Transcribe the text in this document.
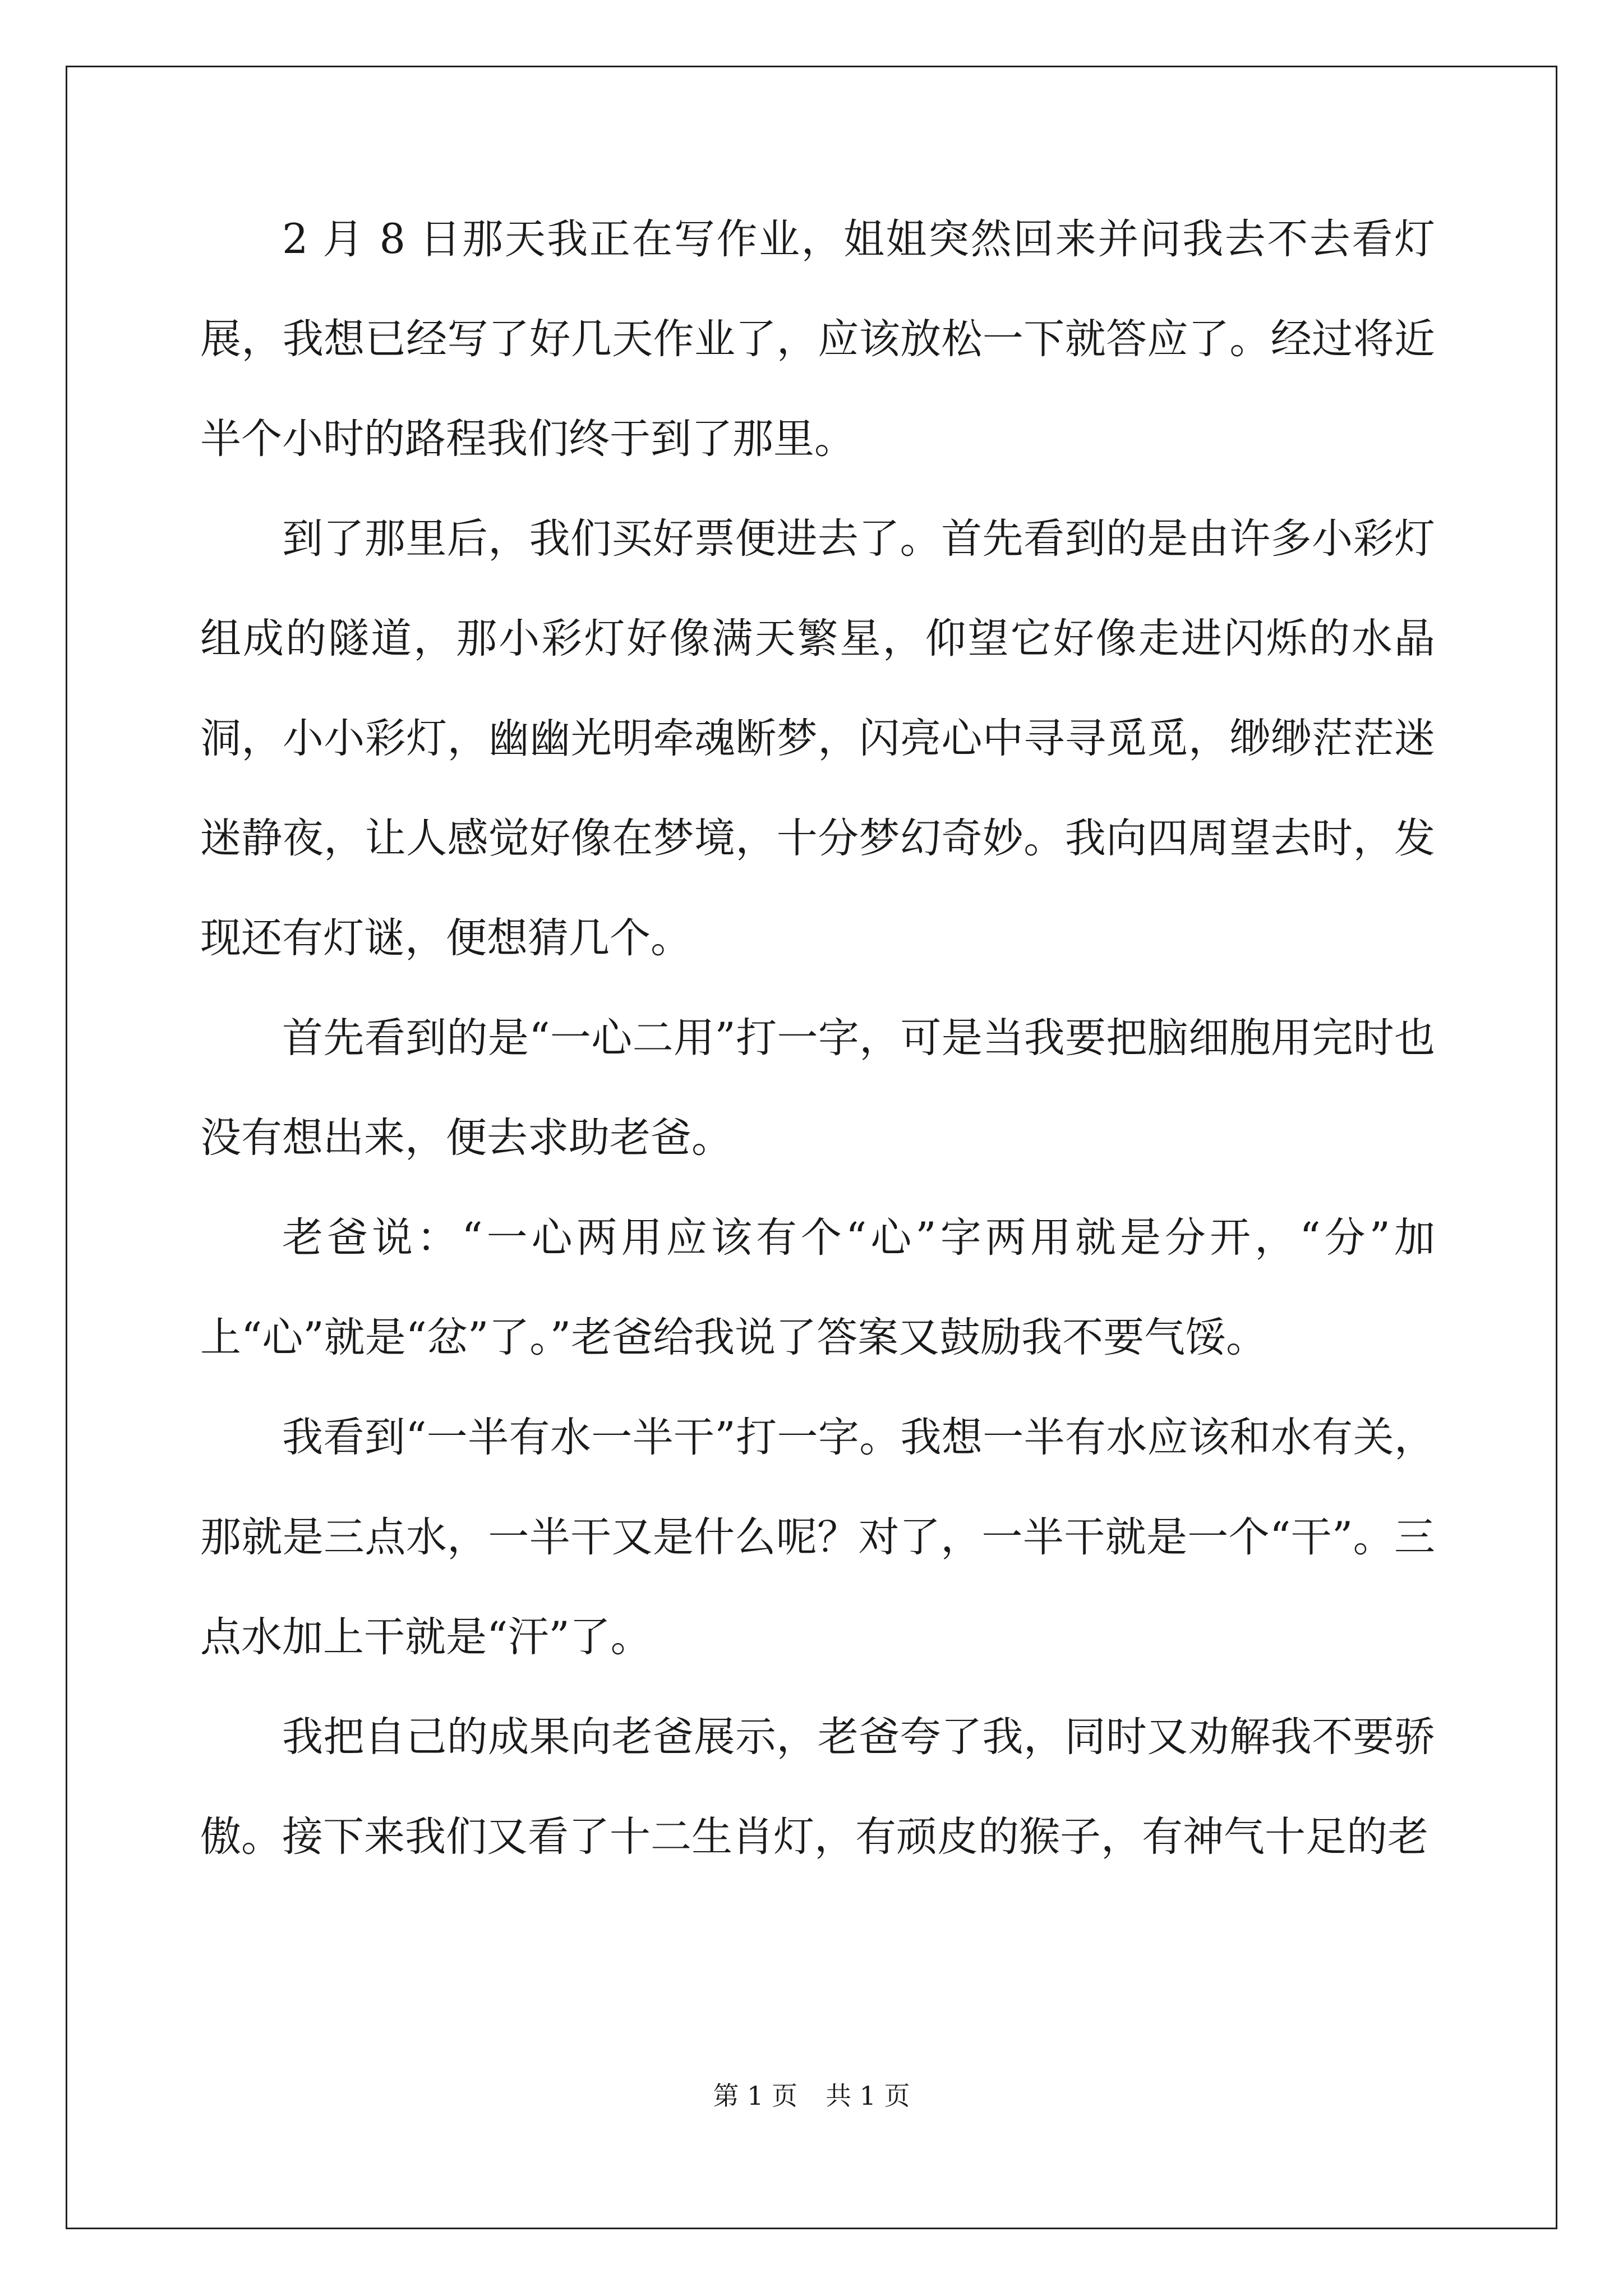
2 月 8 日那天我正在写作业，姐姐突然回来并问我去不去看灯展，我想已经写了好几天作业了，应该放松一下就答应了。经过将近半个小时的路程我们终于到了那里。

到了那里后，我们买好票便进去了。首先看到的是由许多小彩灯组成的隧道，那小彩灯好像满天繁星，仰望它好像走进闪烁的水晶洞，小小彩灯，幽幽光明牵魂断梦，闪亮心中寻寻觅觅，缈缈茫茫迷迷静夜，让人感觉好像在梦境，十分梦幻奇妙。我向四周望去时，发现还有灯谜，便想猜几个。

首先看到的是“一心二用”打一字，可是当我要把脑细胞用完时也没有想出来，便去求助老爸。

老爸说：“一心两用应该有个“心”字两用就是分开，“分”加上“心”就是“忿”了。”老爸给我说了答案又鼓励我不要气馁。

我看到“一半有水一半干”打一字。我想一半有水应该和水有关，那就是三点水，一半干又是什么呢？对了，一半干就是一个“干”。三点水加上干就是“汗”了。

我把自己的成果向老爸展示，老爸夸了我，同时又劝解我不要骄傲。接下来我们又看了十二生肖灯，有顽皮的猴子，有神气十足的老

第 1 页 共 1 页
